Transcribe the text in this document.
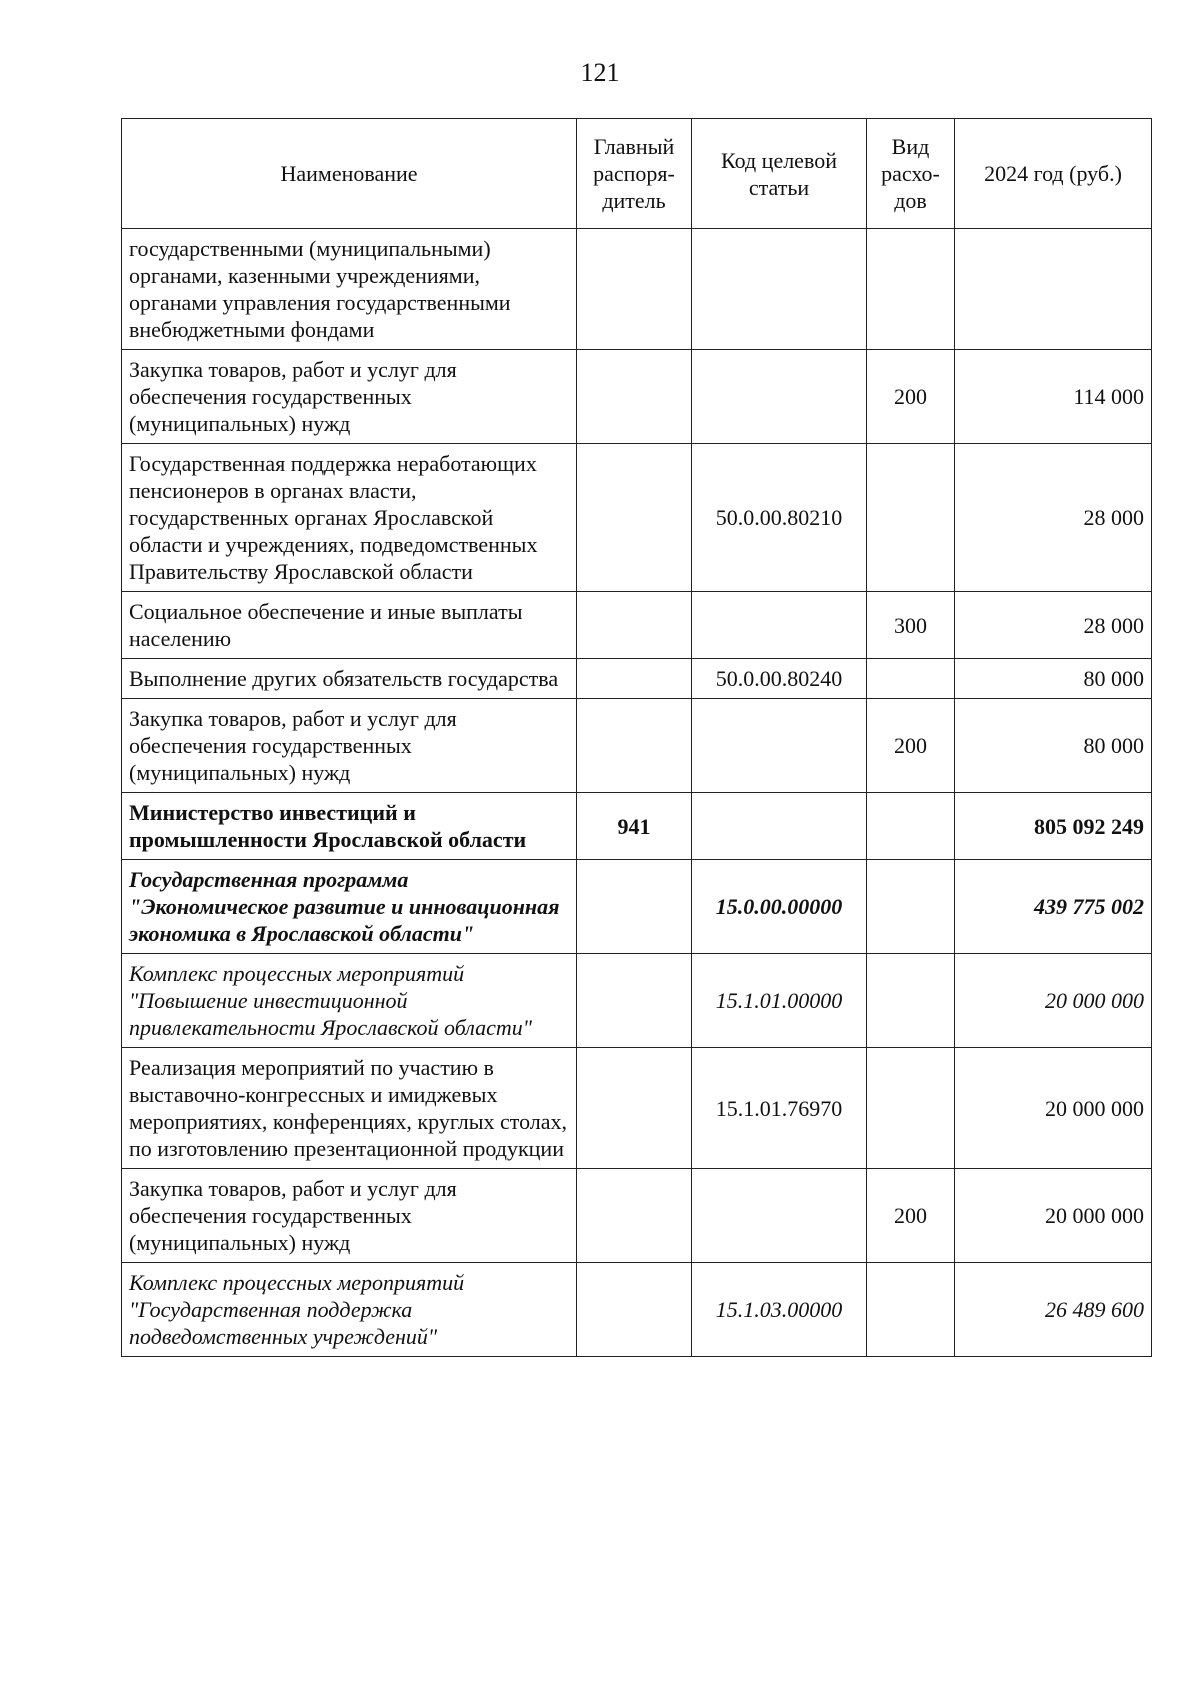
121
Наименование	Главный распоря-дитель	Код целевой статьи	Вид расхо-дов	2024 год (руб.)
государственными (муниципальными) органами, казенными учреждениями, органами управления государственными внебюджетными фондами				
Закупка товаров, работ и услуг для обеспечения государственных (муниципальных) нужд			200	114 000
Государственная поддержка неработающих пенсионеров в органах власти, государственных органах Ярославской области и учреждениях, подведомственных Правительству Ярославской области		50.0.00.80210		28 000
Социальное обеспечение и иные выплаты населению			300	28 000
Выполнение других обязательств государства		50.0.00.80240		80 000
Закупка товаров, работ и услуг для обеспечения государственных (муниципальных) нужд			200	80 000
Министерство инвестиций и промышленности Ярославской области	941			805 092 249
Государственная программа "Экономическое развитие и инновационная экономика в Ярославской области"		15.0.00.00000		439 775 002
Комплекс процессных мероприятий "Повышение инвестиционной привлекательности Ярославской области"		15.1.01.00000		20 000 000
Реализация мероприятий по участию в выставочно-конгрессных и имиджевых мероприятиях, конференциях, круглых столах, по изготовлению презентационной продукции		15.1.01.76970		20 000 000
Закупка товаров, работ и услуг для обеспечения государственных (муниципальных) нужд			200	20 000 000
Комплекс процессных мероприятий "Государственная поддержка подведомственных учреждений"		15.1.03.00000		26 489 600
